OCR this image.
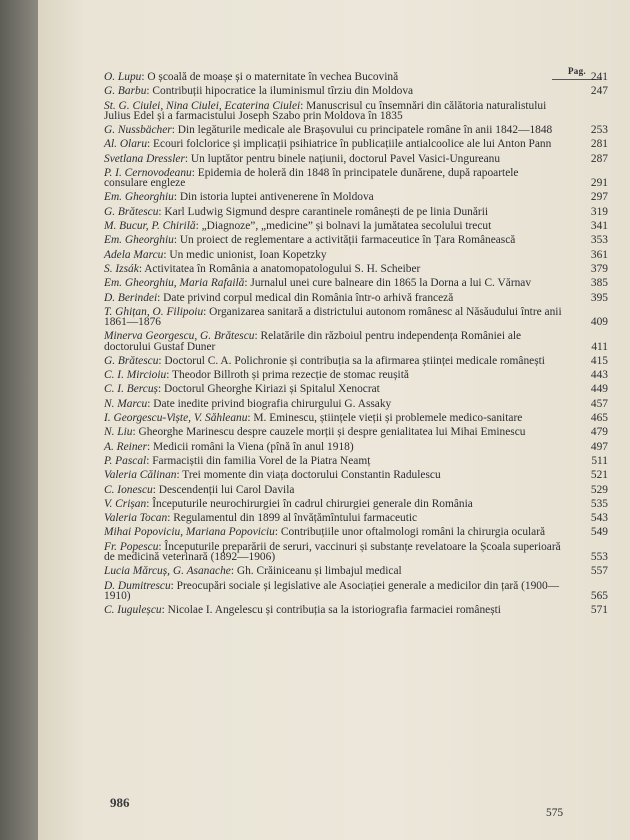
Pag.
O. Lupu: O școală de moașe și o maternitate în vechea Bucovină	241
G. Barbu: Contribuții hipocratice la iluminismul tîrziu din Moldova	247
St. G. Ciulei, Nina Ciulei, Ecaterina Ciulei: Manuscrisul cu însemnări din călătoria naturalistului Julius Edel și a farmacistului Joseph Szabo prin Moldova în 1835
G. Nussbächer: Din legăturile medicale ale Brașovului cu principatele române în anii 1842—1848	253
Al. Olaru: Ecouri folclorice și implicații psihiatrice în publicațiile antialcoolice ale lui Anton Pann	281
Svetlana Dressler: Un luptător pentru binele națiunii, doctorul Pavel Vasici-Ungureanu	287
P. I. Cernovodeanu: Epidemia de holeră din 1848 în principatele dunărene, după rapoartele consulare engleze	291
Em. Gheorghiu: Din istoria luptei antivenerene în Moldova	297
G. Brătescu: Karl Ludwig Sigmund despre carantinele românești de pe linia Dunării	319
M. Bucur, P. Chirilă: „Diagnoze”, „medicine” și bolnavi la jumătatea secolului trecut	341
Em. Gheorghiu: Un proiect de reglementare a activității farmaceutice în Țara Românească	353
Adela Marcu: Un medic unionist, Ioan Kopetzky	361
S. Izsák: Activitatea în România a anatomopatologului S. H. Scheiber	379
Em. Gheorghiu, Maria Rafailă: Jurnalul unei cure balneare din 1865 la Dorna a lui C. Vărnav	385
D. Berindei: Date privind corpul medical din România într-o arhivă franceză	395
T. Ghițan, O. Filipoiu: Organizarea sanitară a districtului autonom românesc al Năsăudului între anii 1861—1876	409
Minerva Georgescu, G. Brătescu: Relatările din războiul pentru independența României ale doctorului Gustaf Duner	411
G. Brătescu: Doctorul C. A. Polichronie și contribuția sa la afirmarea științei medicale românești	415
C. I. Mircioiu: Theodor Billroth și prima rezecție de stomac reușită	443
C. I. Bercuș: Doctorul Gheorghe Kiriazi și Spitalul Xenocrat	449
N. Marcu: Date inedite privind biografia chirurgului G. Assaky	457
I. Georgescu-Viște, V. Săhleanu: M. Eminescu, științele vieții și problemele medico-sanitare	465
N. Liu: Gheorghe Marinescu despre cauzele morții și despre genialitatea lui Mihai Eminescu	479
A. Reiner: Medicii români la Viena (pînă în anul 1918)	497
P. Pascal: Farmaciștii din familia Vorel de la Piatra Neamț	511
Valeria Călinan: Trei momente din viața doctorului Constantin Radulescu	521
C. Ionescu: Descendenții lui Carol Davila	529
V. Crișan: Începuturile neurochirurgiei în cadrul chirurgiei generale din România	535
Valeria Tocan: Regulamentul din 1899 al învățămîntului farmaceutic	543
Mihai Popoviciu, Mariana Popoviciu: Contribuțiile unor oftalmologi români la chirurgia oculară	549
Fr. Popescu: Începuturile preparării de seruri, vaccinuri și substanțe revelatoare la Școala superioară de medicină veterinară (1892—1906)	553
Lucia Mărcuș, G. Asanache: Gh. Crăiniceanu și limbajul medical	557
D. Dumitrescu: Preocupări sociale și legislative ale Asociației generale a medicilor din țară (1900—1910)	565
C. Iuguleșcu: Nicolae I. Angelescu și contribuția sa la istoriografia farmaciei românești	571
575
986
